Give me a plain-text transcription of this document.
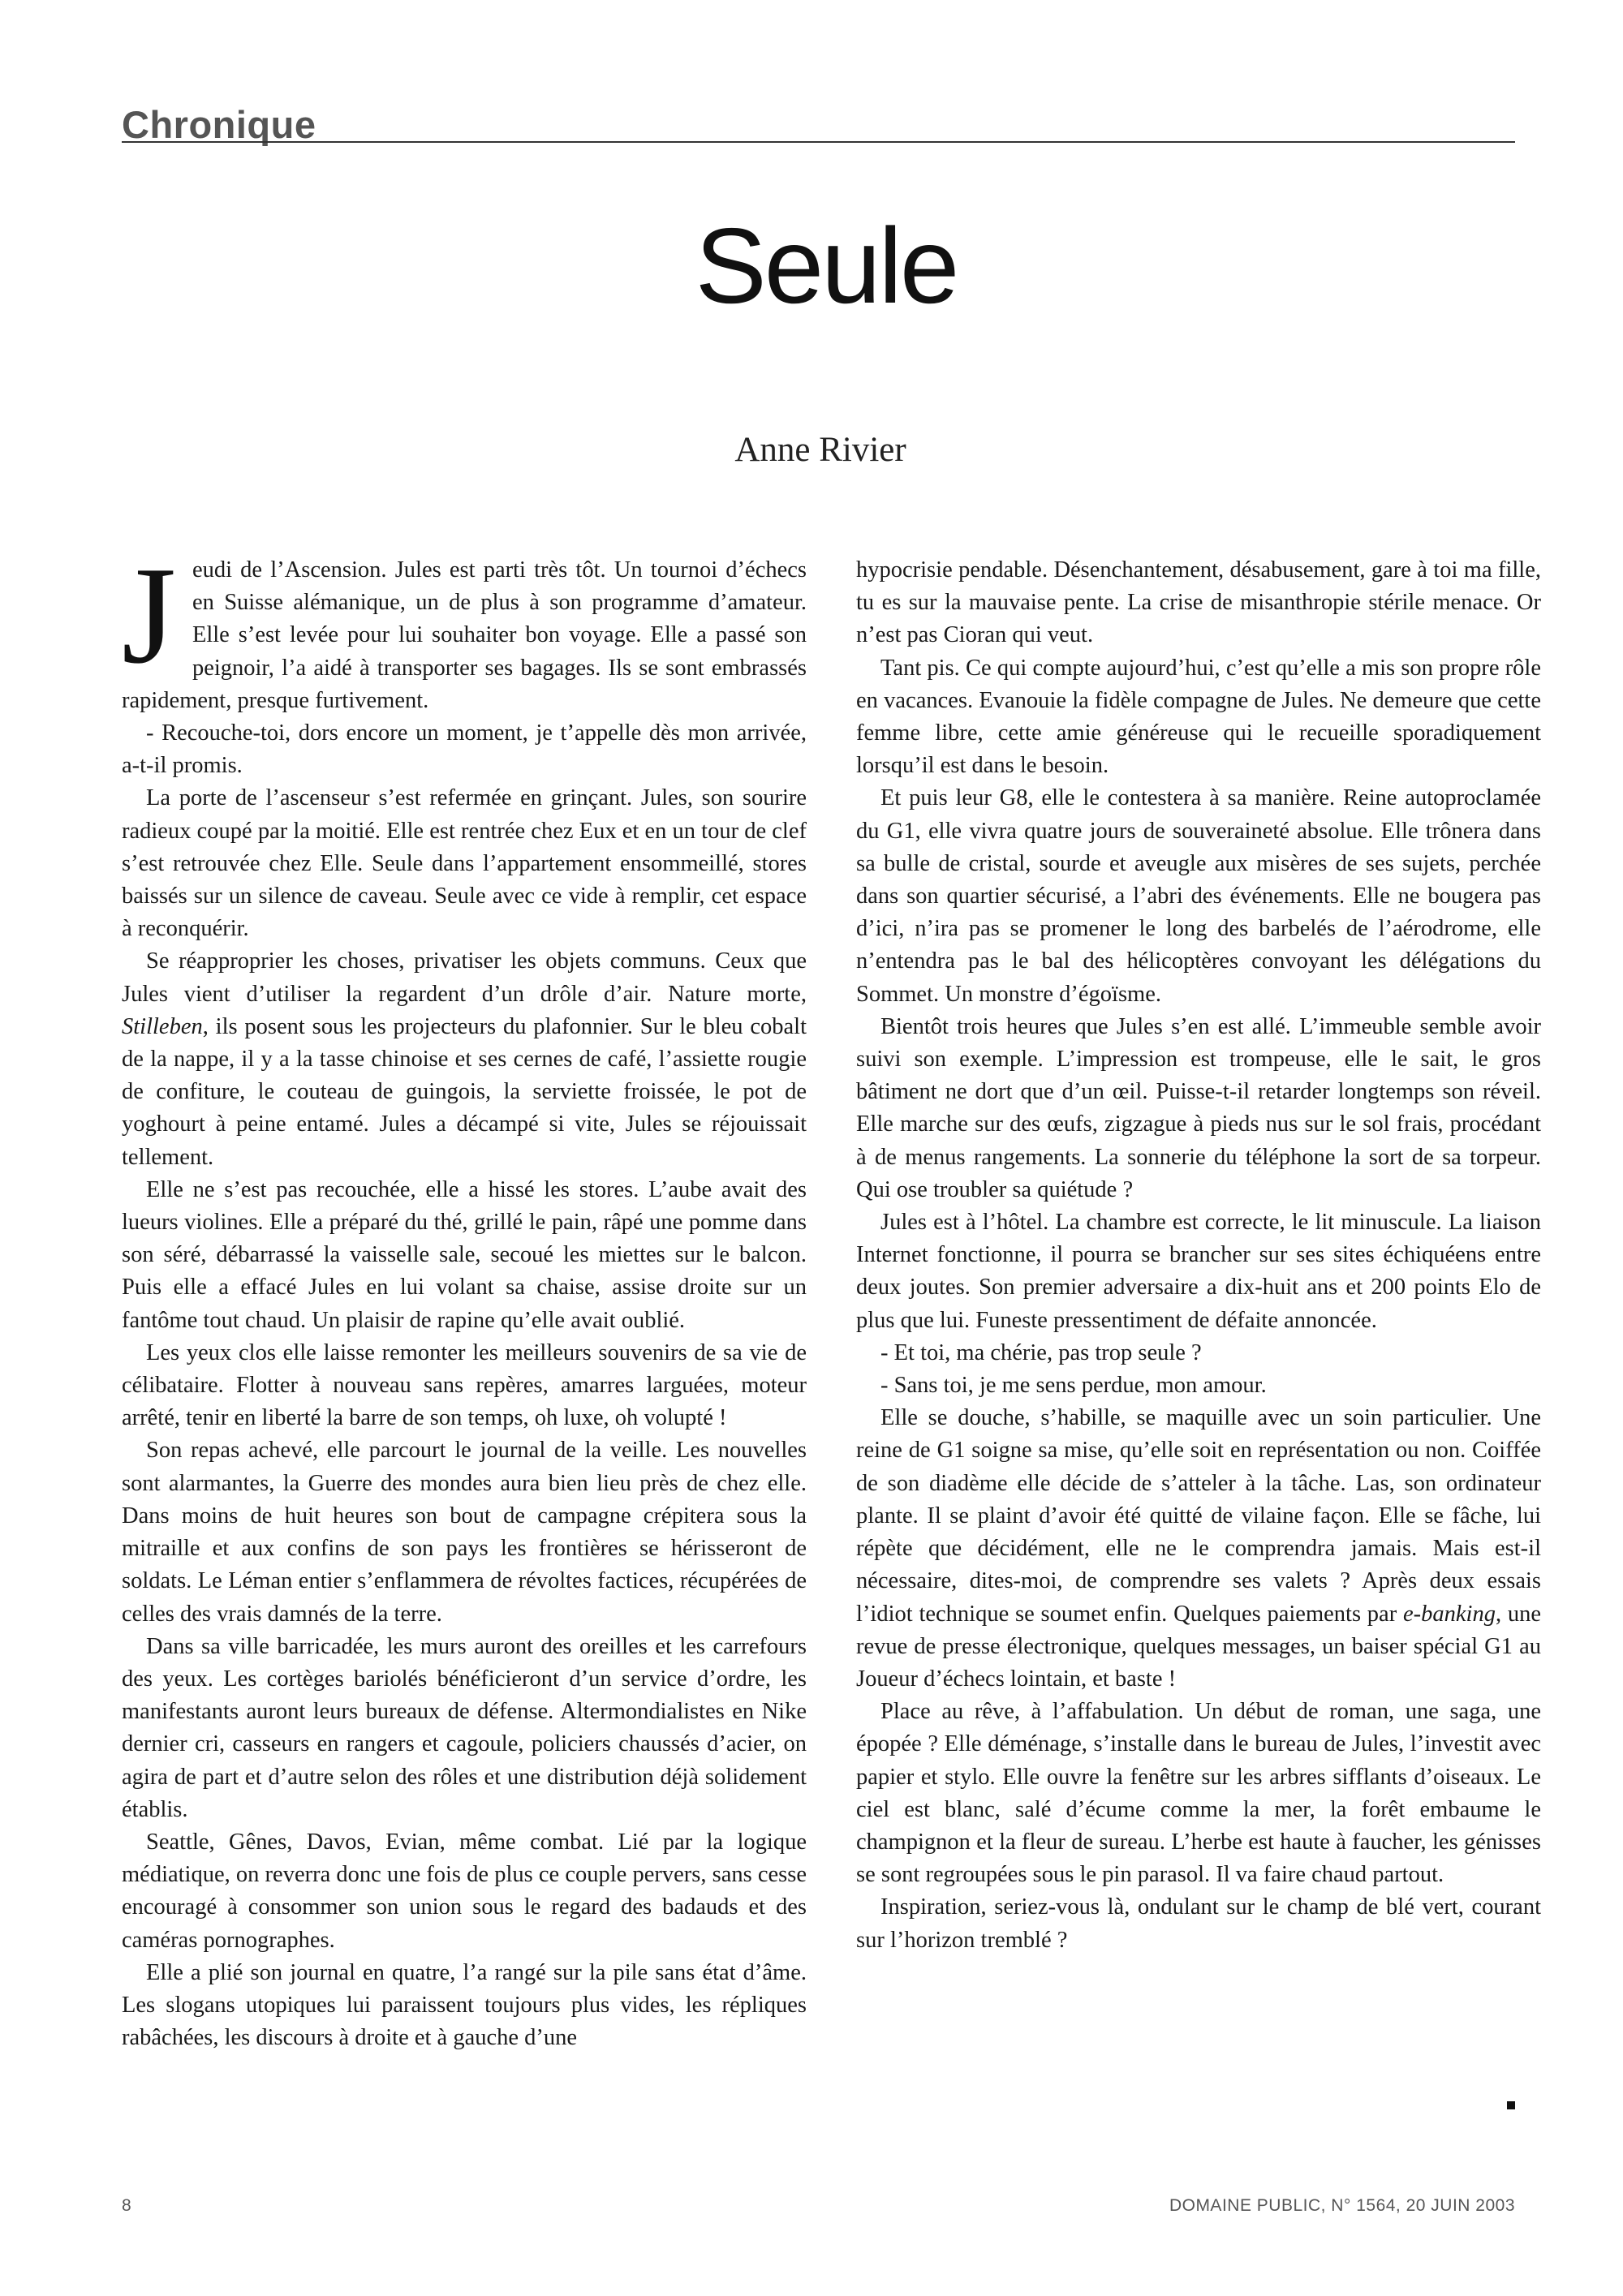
Chronique
Seule
Anne Rivier

Jeudi de l’Ascension. Jules est parti très tôt. Un tournoi d’échecs en Suisse alémanique, un de plus à son programme d’amateur. Elle s’est levée pour lui souhaiter bon voyage. Elle a passé son peignoir, l’a aidé à transporter ses bagages. Ils se sont embrassés rapidement, presque furtivement.

- Recouche-toi, dors encore un moment, je t’appelle dès mon arrivée, a-t-il promis.

La porte de l’ascenseur s’est refermée en grinçant. Jules, son sourire radieux coupé par la moitié. Elle est rentrée chez Eux et en un tour de clef s’est retrouvée chez Elle. Seule dans l’appartement ensommeillé, stores baissés sur un silence de caveau. Seule avec ce vide à remplir, cet espace à reconquérir.

Se réapproprier les choses, privatiser les objets communs. Ceux que Jules vient d’utiliser la regardent d’un drôle d’air. Nature morte, Stilleben, ils posent sous les projecteurs du plafonnier. Sur le bleu cobalt de la nappe, il y a la tasse chinoise et ses cernes de café, l’assiette rougie de confiture, le couteau de guingois, la serviette froissée, le pot de yoghourt à peine entamé. Jules a décampé si vite, Jules se réjouissait tellement.

Elle ne s’est pas recouchée, elle a hissé les stores. L’aube avait des lueurs violines. Elle a préparé du thé, grillé le pain, râpé une pomme dans son séré, débarrassé la vaisselle sale, secoué les miettes sur le balcon. Puis elle a effacé Jules en lui volant sa chaise, assise droite sur un fantôme tout chaud. Un plaisir de rapine qu’elle avait oublié.

Les yeux clos elle laisse remonter les meilleurs souvenirs de sa vie de célibataire. Flotter à nouveau sans repères, amarres larguées, moteur arrêté, tenir en liberté la barre de son temps, oh luxe, oh volupté !

Son repas achevé, elle parcourt le journal de la veille. Les nouvelles sont alarmantes, la Guerre des mondes aura bien lieu près de chez elle. Dans moins de huit heures son bout de campagne crépitera sous la mitraille et aux confins de son pays les frontières se hérisseront de soldats. Le Léman entier s’enflammera de révoltes factices, récupérées de celles des vrais damnés de la terre.

Dans sa ville barricadée, les murs auront des oreilles et les carrefours des yeux. Les cortèges bariolés bénéficieront d’un service d’ordre, les manifestants auront leurs bureaux de défense. Altermondialistes en Nike dernier cri, casseurs en rangers et cagoule, policiers chaussés d’acier, on agira de part et d’autre selon des rôles et une distribution déjà solidement établis.

Seattle, Gênes, Davos, Evian, même combat. Lié par la logique médiatique, on reverra donc une fois de plus ce couple pervers, sans cesse encouragé à consommer son union sous le regard des badauds et des caméras pornographes.

Elle a plié son journal en quatre, l’a rangé sur la pile sans état d’âme. Les slogans utopiques lui paraissent toujours plus vides, les répliques rabâchées, les discours à droite et à gauche d’une

hypocrisie pendable. Désenchantement, désabusement, gare à toi ma fille, tu es sur la mauvaise pente. La crise de misanthropie stérile menace. Or n’est pas Cioran qui veut.

Tant pis. Ce qui compte aujourd’hui, c’est qu’elle a mis son propre rôle en vacances. Evanouie la fidèle compagne de Jules. Ne demeure que cette femme libre, cette amie généreuse qui le recueille sporadiquement lorsqu’il est dans le besoin.

Et puis leur G8, elle le contestera à sa manière. Reine autoproclamée du G1, elle vivra quatre jours de souveraineté absolue. Elle trônera dans sa bulle de cristal, sourde et aveugle aux misères de ses sujets, perchée dans son quartier sécurisé, a l’abri des événements. Elle ne bougera pas d’ici, n’ira pas se promener le long des barbelés de l’aérodrome, elle n’entendra pas le bal des hélicoptères convoyant les délégations du Sommet. Un monstre d’égoïsme.

Bientôt trois heures que Jules s’en est allé. L’immeuble semble avoir suivi son exemple. L’impression est trompeuse, elle le sait, le gros bâtiment ne dort que d’un œil. Puisse-t-il retarder longtemps son réveil. Elle marche sur des œufs, zigzague à pieds nus sur le sol frais, procédant à de menus rangements. La sonnerie du téléphone la sort de sa torpeur. Qui ose troubler sa quiétude ?

Jules est à l’hôtel. La chambre est correcte, le lit minuscule. La liaison Internet fonctionne, il pourra se brancher sur ses sites échiquéens entre deux joutes. Son premier adversaire a dix-huit ans et 200 points Elo de plus que lui. Funeste pressentiment de défaite annoncée.

- Et toi, ma chérie, pas trop seule ?

- Sans toi, je me sens perdue, mon amour.

Elle se douche, s’habille, se maquille avec un soin particulier. Une reine de G1 soigne sa mise, qu’elle soit en représentation ou non. Coiffée de son diadème elle décide de s’atteler à la tâche. Las, son ordinateur plante. Il se plaint d’avoir été quitté de vilaine façon. Elle se fâche, lui répète que décidément, elle ne le comprendra jamais. Mais est-il nécessaire, dites-moi, de comprendre ses valets ? Après deux essais l’idiot technique se soumet enfin. Quelques paiements par e-banking, une revue de presse électronique, quelques messages, un baiser spécial G1 au Joueur d’échecs lointain, et baste !

Place au rêve, à l’affabulation. Un début de roman, une saga, une épopée ? Elle déménage, s’installe dans le bureau de Jules, l’investit avec papier et stylo. Elle ouvre la fenêtre sur les arbres sifflants d’oiseaux. Le ciel est blanc, salé d’écume comme la mer, la forêt embaume le champignon et la fleur de sureau. L’herbe est haute à faucher, les génisses se sont regroupées sous le pin parasol. Il va faire chaud partout.

Inspiration, seriez-vous là, ondulant sur le champ de blé vert, courant sur l’horizon tremblé ?

8	DOMAINE PUBLIC, N° 1564, 20 JUIN 2003
